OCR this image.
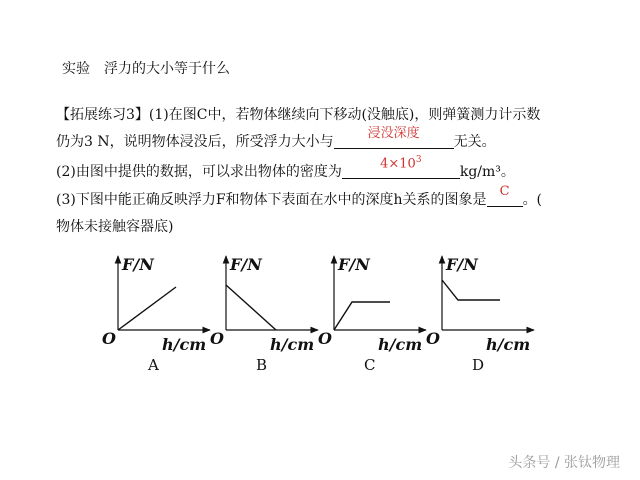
实验 浮力的大小等于什么
【拓展练习3】(1)在图C中，若物体继续向下移动(没触底)，则弹簧测力计示数
仍为3 N，说明物体浸没后，所受浮力大小与
浸没深度
无关。
(2)由图中提供的数据，可以求出物体的密度为
$4\times 10^3$
kg/m³。
(3)下图中能正确反映浮力F和物体下表面在水中的深度h关系的图象是
C
。(
物体未接触容器底)
F/N
O	h/cm
A
F/N
O	h/cm
B
F/N
O	h/cm
C
F/N
O	h/cm
D
头条号 / 张钛物理
